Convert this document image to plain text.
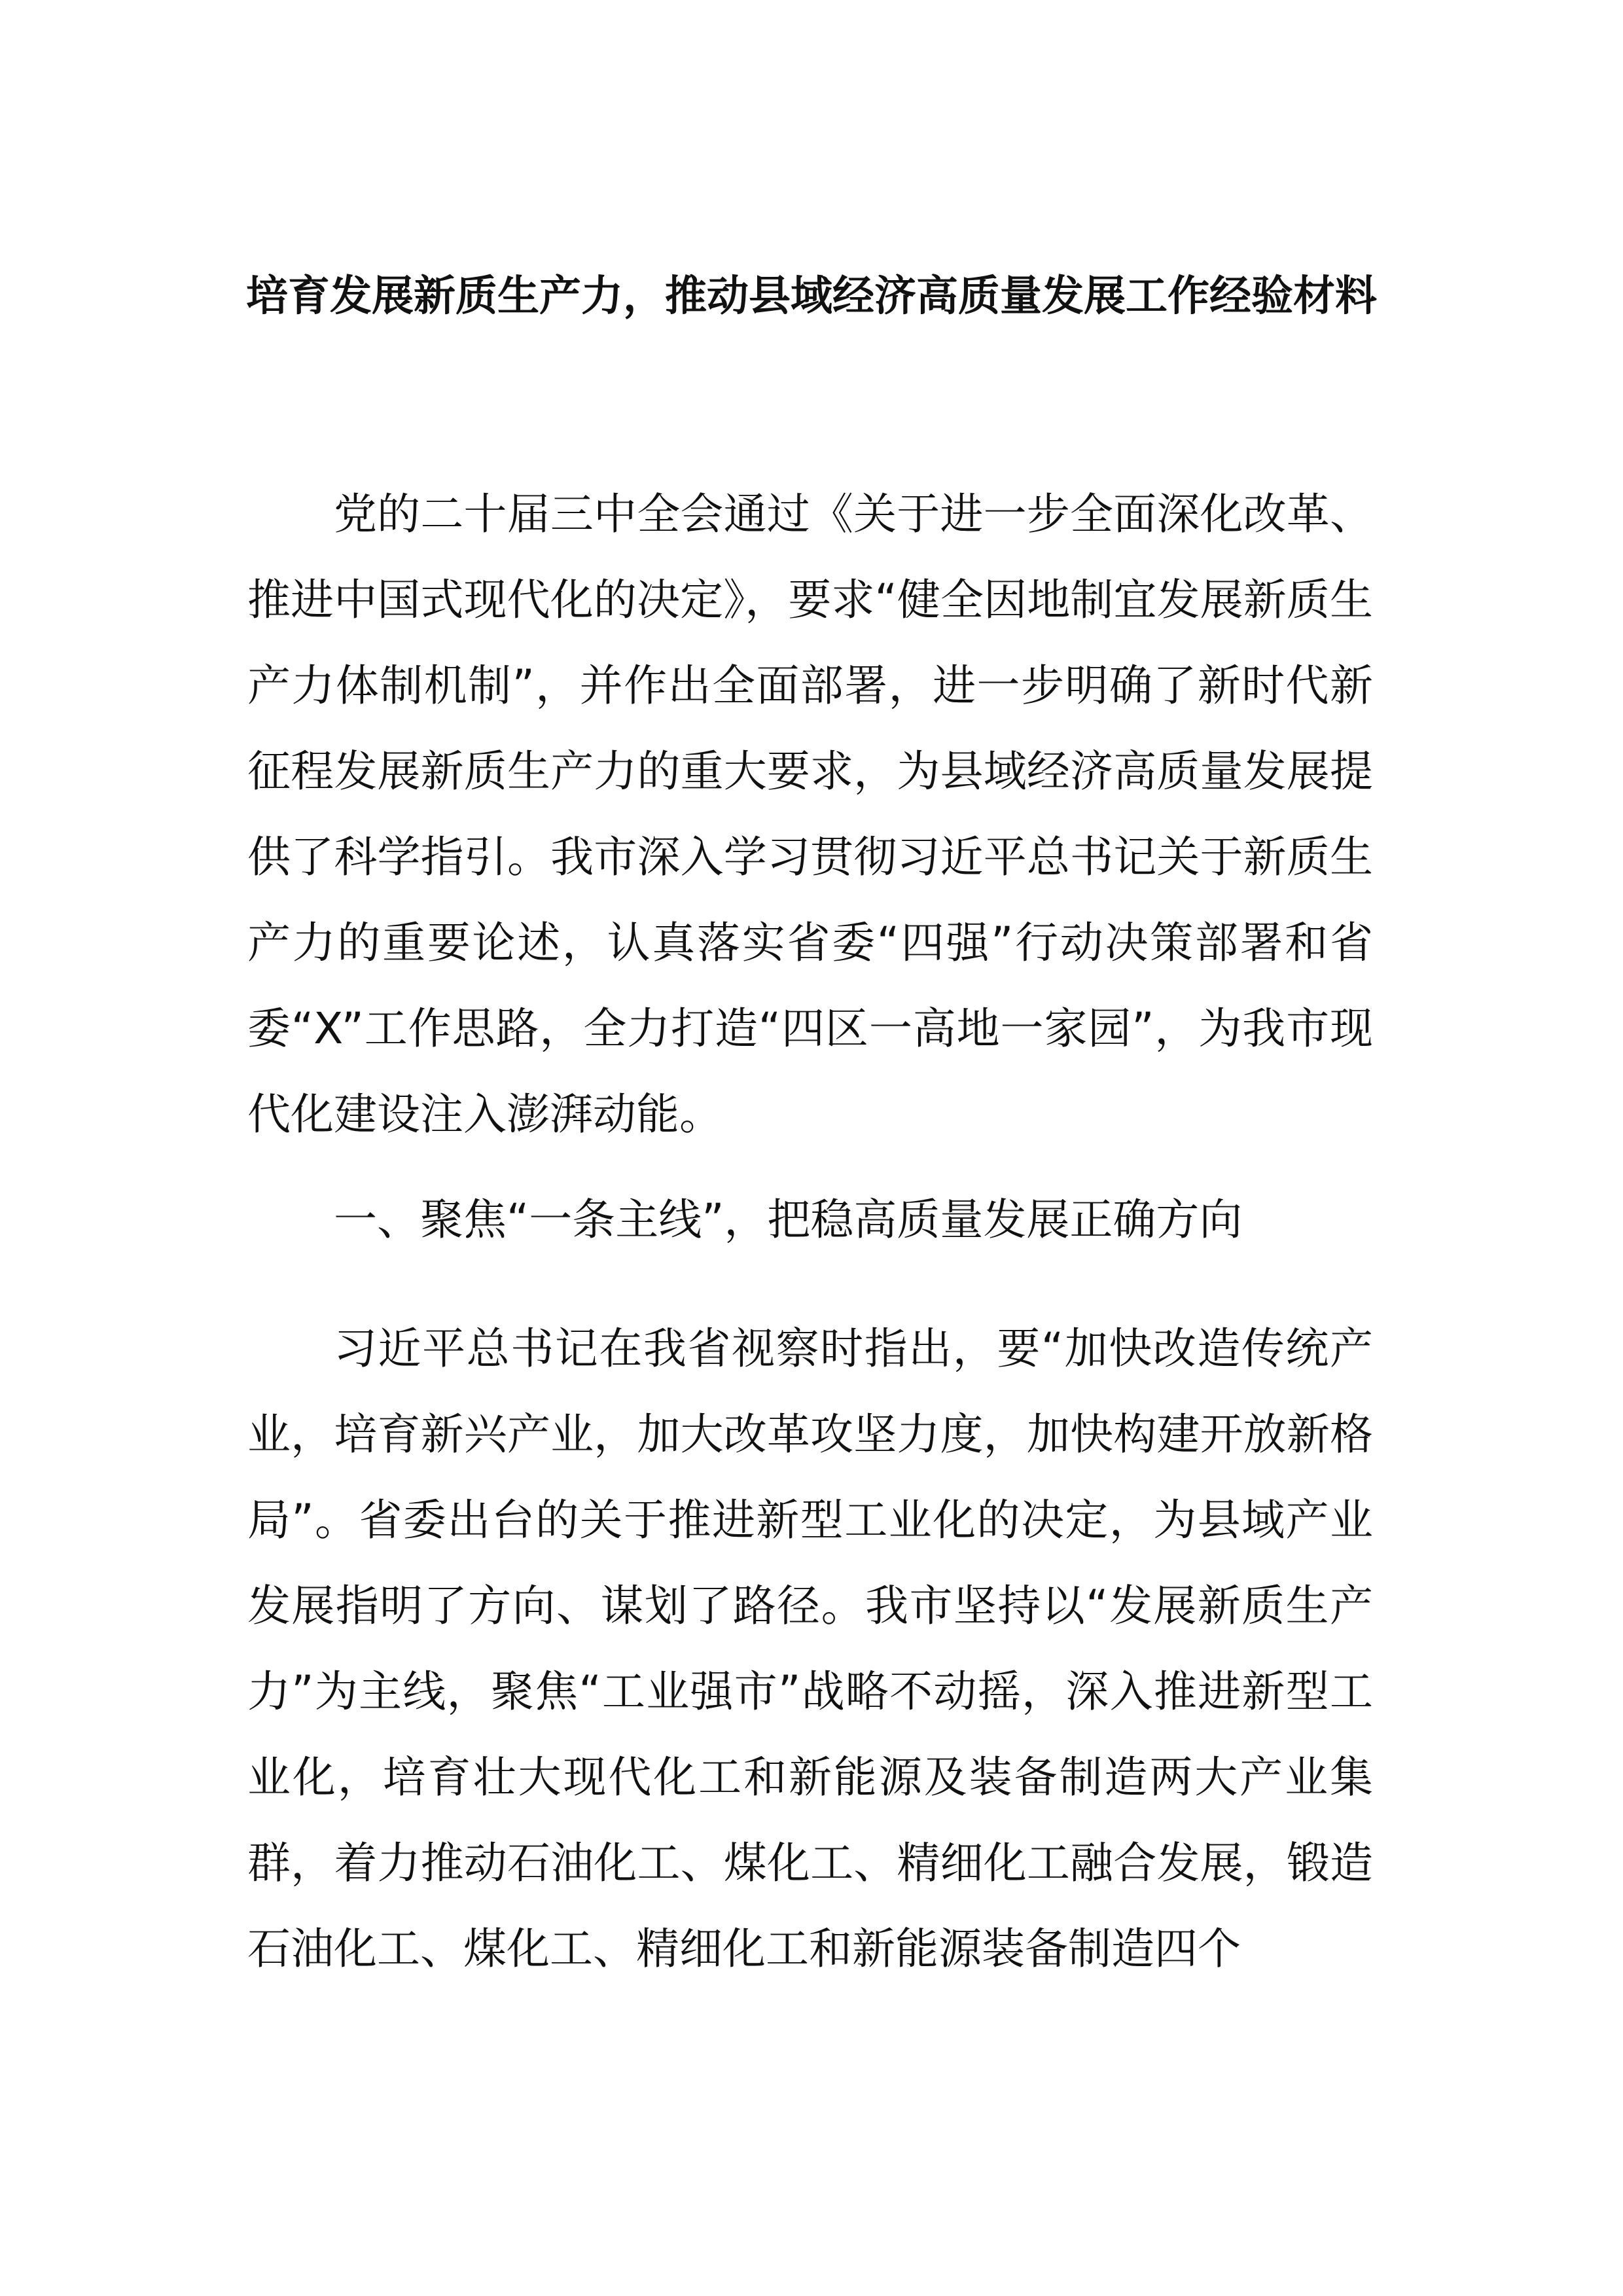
培育发展新质生产力，推动县域经济高质量发展工作经验材料

党的二十届三中全会通过《关于进一步全面深化改革、推进中国式现代化的决定》，要求“健全因地制宜发展新质生产力体制机制”，并作出全面部署，进一步明确了新时代新征程发展新质生产力的重大要求，为县域经济高质量发展提供了科学指引。我市深入学习贯彻习近平总书记关于新质生产力的重要论述，认真落实省委“四强”行动决策部署和省委“X”工作思路，全力打造“四区一高地一家园”，为我市现代化建设注入澎湃动能。

一、聚焦“一条主线”，把稳高质量发展正确方向

习近平总书记在我省视察时指出，要“加快改造传统产业，培育新兴产业，加大改革攻坚力度，加快构建开放新格局”。省委出台的关于推进新型工业化的决定，为县域产业发展指明了方向、谋划了路径。我市坚持以“发展新质生产力”为主线，聚焦“工业强市”战略不动摇，深入推进新型工业化，培育壮大现代化工和新能源及装备制造两大产业集群，着力推动石油化工、煤化工、精细化工融合发展，锻造石油化工、煤化工、精细化工和新能源装备制造四个
